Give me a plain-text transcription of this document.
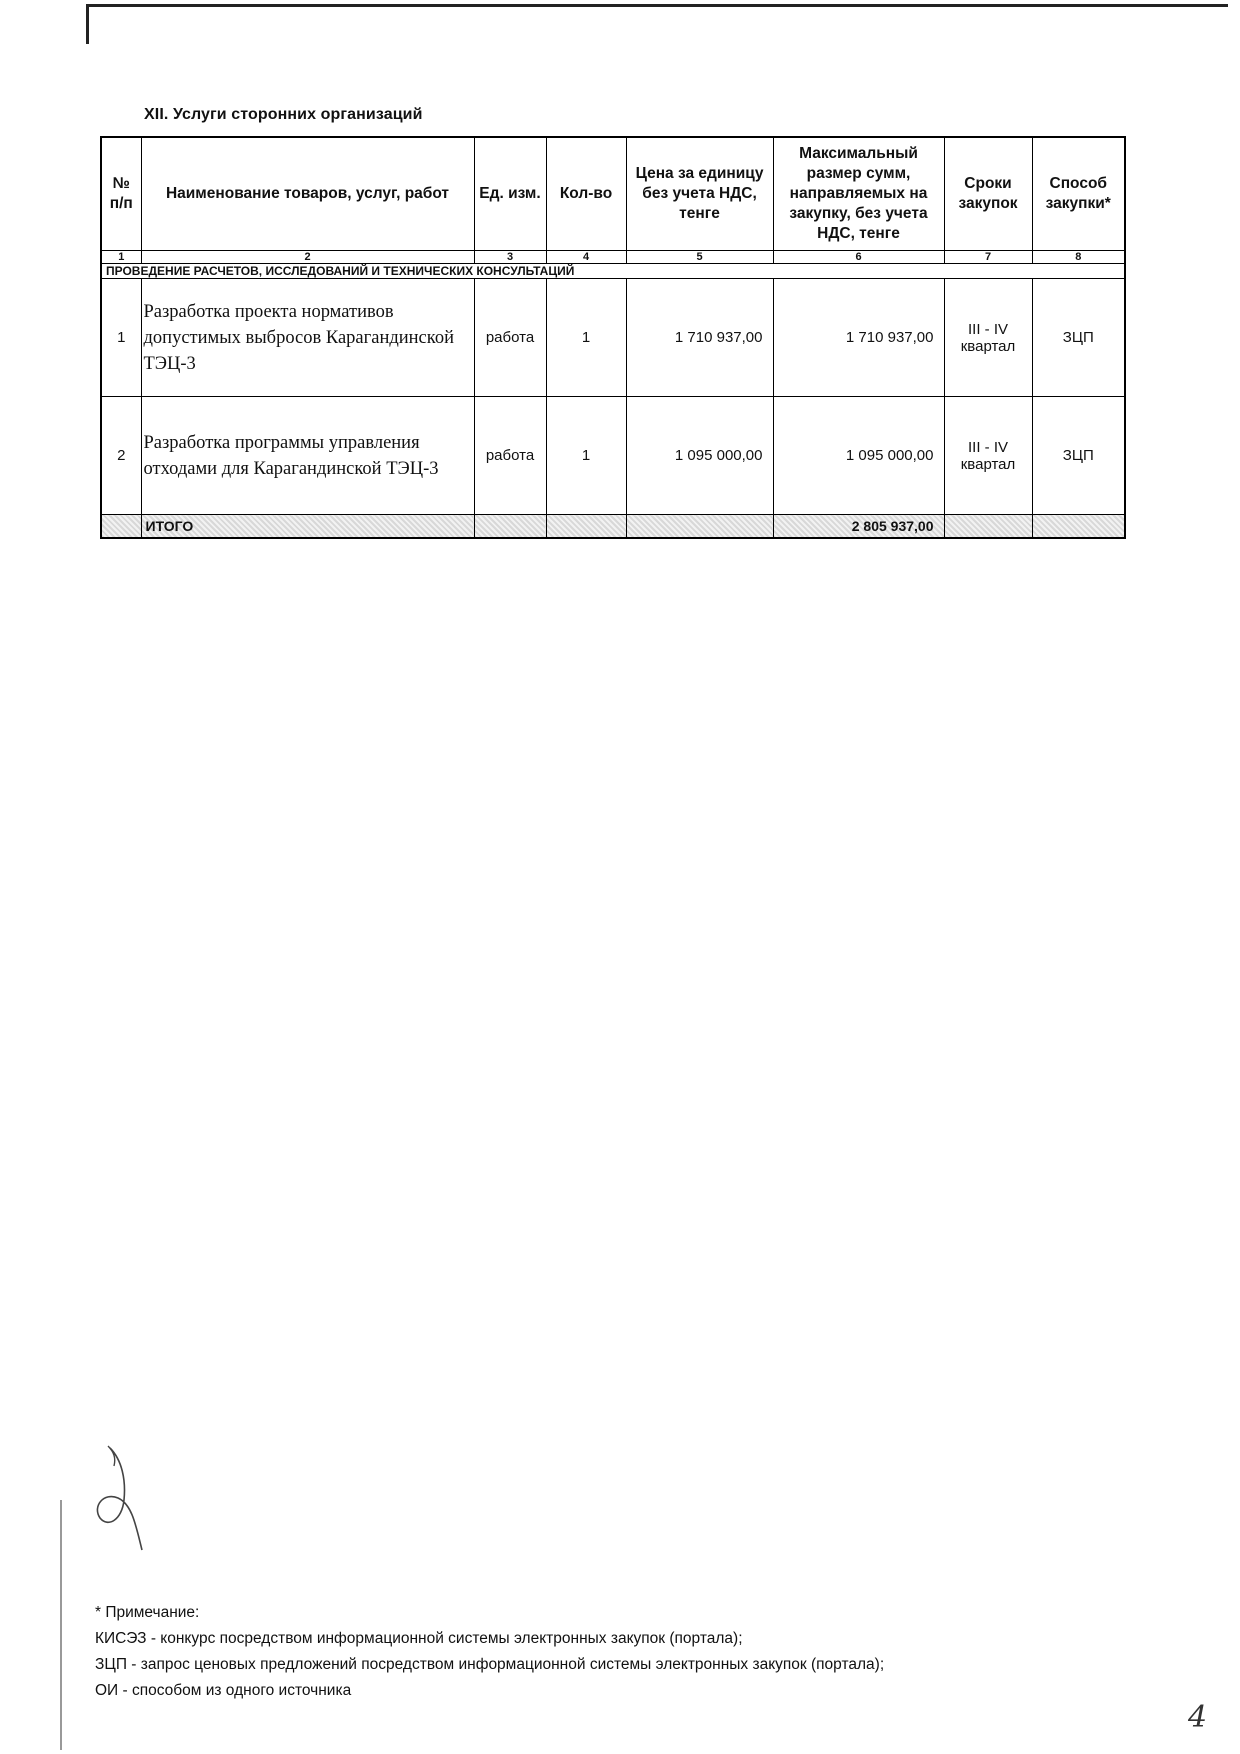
XII. Услуги сторонних организаций
№ п/п	Наименование товаров, услуг, работ	Ед. изм.	Кол-во	Цена за единицу без учета НДС, тенге	Максимальный размер сумм, направляемых на закупку, без учета НДС, тенге	Сроки закупок	Способ закупки*
1	2	3	4	5	6	7	8
ПРОВЕДЕНИЕ РАСЧЕТОВ, ИССЛЕДОВАНИЙ И ТЕХНИЧЕСКИХ КОНСУЛЬТАЦИЙ							
1	Разработка проекта нормативов допустимых выбросов Карагандинской ТЭЦ-3	работа	1	1 710 937,00	1 710 937,00	III - IV квартал	ЗЦП
2	Разработка программы управления отходами для Карагандинской ТЭЦ-3	работа	1	1 095 000,00	1 095 000,00	III - IV квартал	ЗЦП
	ИТОГО				2 805 937,00		
* Примечание:
КИСЭЗ - конкурс посредством информационной системы электронных закупок (портала);
ЗЦП - запрос ценовых предложений посредством информационной системы электронных закупок (портала);
ОИ - способом из одного источника
4
